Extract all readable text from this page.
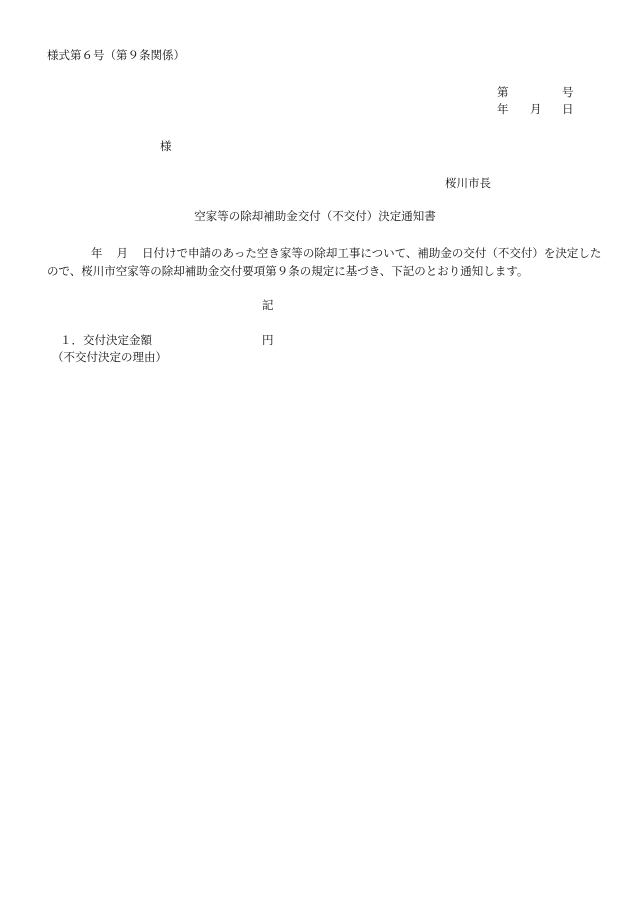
様式第６号（第９条関係）
第	号
年 月 日
様
桜川市長
空家等の除却補助金交付（不交付）決定通知書
年 月 日付けで申請のあった空き家等の除却工事について、補助金の交付（不交付）を決定した
ので、桜川市空家等の除却補助金交付要項第９条の規定に基づき、下記のとおり通知します。
記
１．交付決定金額	円
（不交付決定の理由）
